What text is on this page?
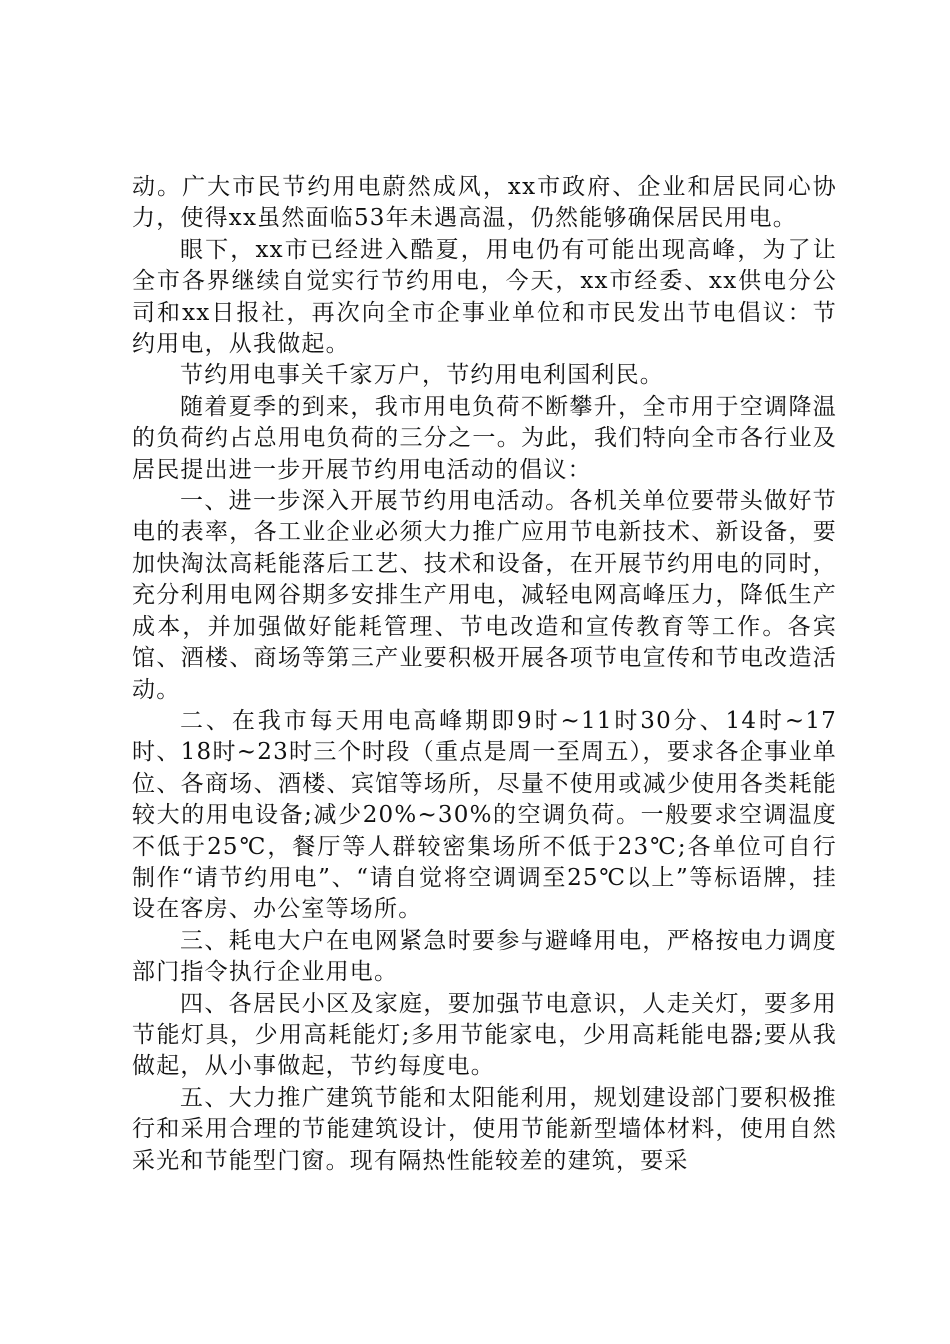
动。广大市民节约用电蔚然成风，xx市政府、企业和居民同心协力，使得xx虽然面临53年未遇高温，仍然能够确保居民用电。

眼下，xx市已经进入酷夏，用电仍有可能出现高峰，为了让全市各界继续自觉实行节约用电，今天，xx市经委、xx供电分公司和xx日报社，再次向全市企事业单位和市民发出节电倡议：节约用电，从我做起。

节约用电事关千家万户，节约用电利国利民。

随着夏季的到来，我市用电负荷不断攀升，全市用于空调降温的负荷约占总用电负荷的三分之一。为此，我们特向全市各行业及居民提出进一步开展节约用电活动的倡议：

一、进一步深入开展节约用电活动。各机关单位要带头做好节电的表率，各工业企业必须大力推广应用节电新技术、新设备，要加快淘汰高耗能落后工艺、技术和设备，在开展节约用电的同时，充分利用电网谷期多安排生产用电，减轻电网高峰压力，降低生产成本，并加强做好能耗管理、节电改造和宣传教育等工作。各宾馆、酒楼、商场等第三产业要积极开展各项节电宣传和节电改造活动。

二、在我市每天用电高峰期即9时~11时30分、14时~17时、18时~23时三个时段（重点是周一至周五），要求各企事业单位、各商场、酒楼、宾馆等场所，尽量不使用或减少使用各类耗能较大的用电设备;减少20%~30%的空调负荷。一般要求空调温度不低于25℃，餐厅等人群较密集场所不低于23℃;各单位可自行制作“请节约用电”、“请自觉将空调调至25℃以上”等标语牌，挂设在客房、办公室等场所。

三、耗电大户在电网紧急时要参与避峰用电，严格按电力调度部门指令执行企业用电。

四、各居民小区及家庭，要加强节电意识，人走关灯，要多用节能灯具，少用高耗能灯;多用节能家电，少用高耗能电器;要从我做起，从小事做起，节约每度电。

五、大力推广建筑节能和太阳能利用，规划建设部门要积极推行和采用合理的节能建筑设计，使用节能新型墙体材料，使用自然采光和节能型门窗。现有隔热性能较差的建筑，要采
